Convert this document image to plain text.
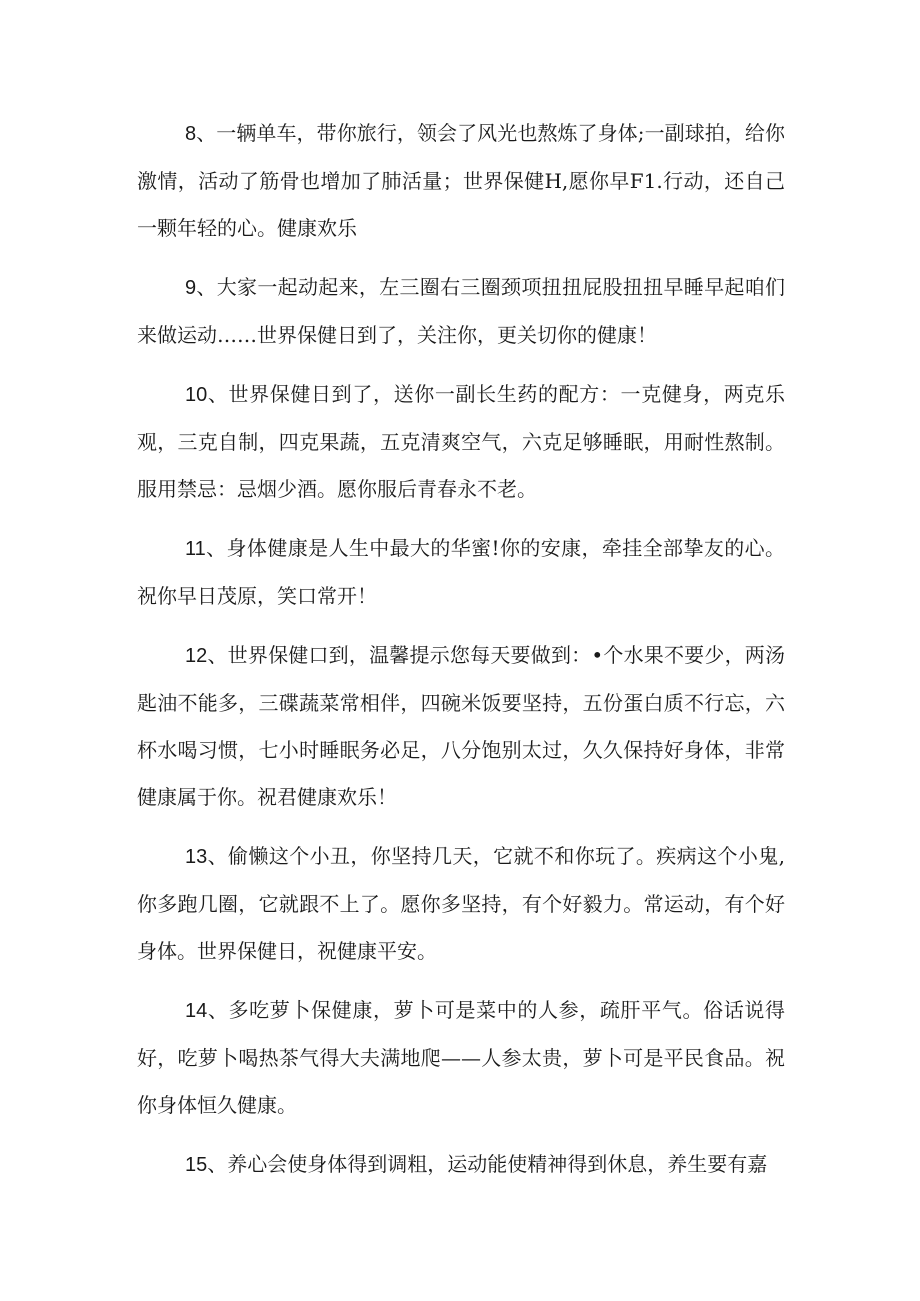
8、一辆单车，带你旅行，领会了风光也熬炼了身体;一副球拍，给你激情，活动了筋骨也增加了肺活量；世界保健H,愿你早F1.行动，还自己一颗年轻的心。健康欢乐

9、大家一起动起来，左三圈右三圈颈项扭扭屁股扭扭早睡早起咱们来做运动……世界保健日到了，关注你，更关切你的健康！

10、世界保健日到了，送你一副长生药的配方：一克健身，两克乐观，三克自制，四克果蔬，五克清爽空气，六克足够睡眠，用耐性熬制。服用禁忌：忌烟少酒。愿你服后青春永不老。

11、身体健康是人生中最大的华蜜!你的安康，牵挂全部挚友的心。祝你早日茂原，笑口常开！

12、世界保健口到，温馨提示您每天要做到：•个水果不要少，两汤匙油不能多，三碟蔬菜常相伴，四碗米饭要坚持，五份蛋白质不行忘，六杯水喝习惯，七小时睡眠务必足，八分饱别太过，久久保持好身体，非常健康属于你。祝君健康欢乐！

13、偷懒这个小丑，你坚持几天，它就不和你玩了。疾病这个小鬼,你多跑几圈，它就跟不上了。愿你多坚持，有个好毅力。常运动，有个好身体。世界保健日，祝健康平安。

14、多吃萝卜保健康，萝卜可是菜中的人参，疏肝平气。俗话说得好，吃萝卜喝热茶气得大夫满地爬——人参太贵，萝卜可是平民食品。祝你身体恒久健康。

15、养心会使身体得到调粗，运动能使精神得到休息，养生要有嘉
